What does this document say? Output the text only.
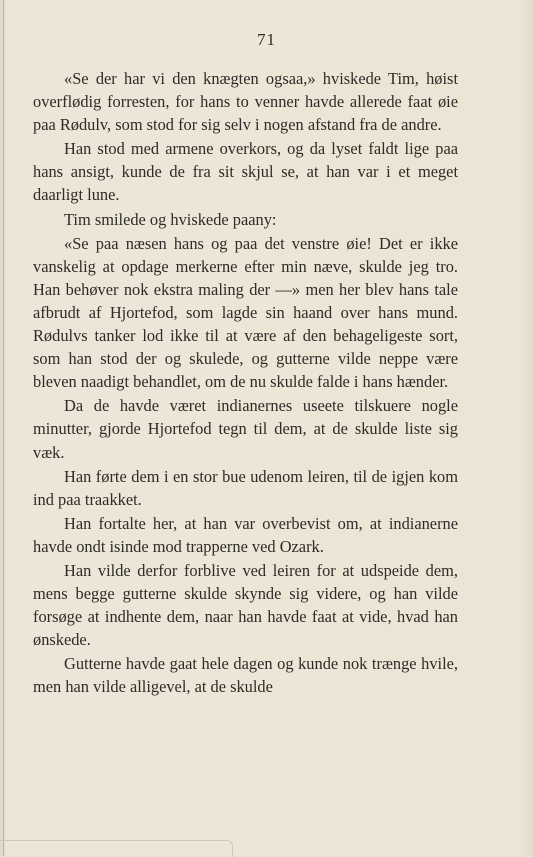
71

«Se der har vi den knægten ogsaa,» hviskede Tim, høist overflødig forresten, for hans to venner havde allerede faat øie paa Rødulv, som stod for sig selv i nogen afstand fra de andre.

Han stod med armene overkors, og da lyset faldt lige paa hans ansigt, kunde de fra sit skjul se, at han var i et meget daarligt lune.

Tim smilede og hviskede paany:

«Se paa næsen hans og paa det venstre øie! Det er ikke vanskelig at opdage merkerne efter min næve, skulde jeg tro. Han behøver nok ekstra maling der —» men her blev hans tale afbrudt af Hjortefod, som lagde sin haand over hans mund. Rødulvs tanker lod ikke til at være af den behageligeste sort, som han stod der og skulede, og gutterne vilde neppe være bleven naadigt behandlet, om de nu skulde falde i hans hænder.

Da de havde været indianernes useete tilskuere nogle minutter, gjorde Hjortefod tegn til dem, at de skulde liste sig væk.

Han førte dem i en stor bue udenom leiren, til de igjen kom ind paa traakket.

Han fortalte her, at han var overbevist om, at indianerne havde ondt isinde mod trapperne ved Ozark.

Han vilde derfor forblive ved leiren for at udspeide dem, mens begge gutterne skulde skynde sig videre, og han vilde forsøge at indhente dem, naar han havde faat at vide, hvad han ønskede.

Gutterne havde gaat hele dagen og kunde nok trænge hvile, men han vilde alligevel, at de skulde
